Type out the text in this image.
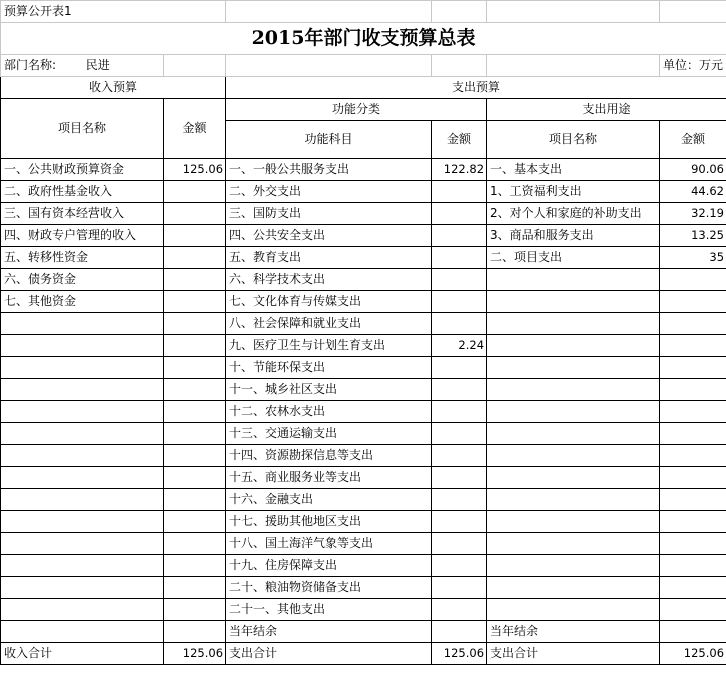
预算公开表1					
2015年部门收支预算总表					
部门名称: 民进					单位：万元
收入预算		支出预算			
项目名称	金额	功能分类		支出用途	
		功能科目	金额	项目名称	金额
一、公共财政预算资金	125.06	一、一般公共服务支出	122.82	一、基本支出	90.06
二、政府性基金收入		二、外交支出		1、工资福利支出	44.62
三、国有资本经营收入		三、国防支出		2、对个人和家庭的补助支出	32.19
四、财政专户管理的收入		四、公共安全支出		3、商品和服务支出	13.25
五、转移性资金		五、教育支出		二、项目支出	35
六、债务资金		六、科学技术支出			
七、其他资金		七、文化体育与传媒支出			
		八、社会保障和就业支出			
		九、医疗卫生与计划生育支出	2.24		
		十、节能环保支出			
		十一、城乡社区支出			
		十二、农林水支出			
		十三、交通运输支出			
		十四、资源勘探信息等支出			
		十五、商业服务业等支出			
		十六、金融支出			
		十七、援助其他地区支出			
		十八、国土海洋气象等支出			
		十九、住房保障支出			
		二十、粮油物资储备支出			
		二十一、其他支出			
		当年结余		当年结余	
收入合计	125.06	支出合计	125.06	支出合计	125.06
